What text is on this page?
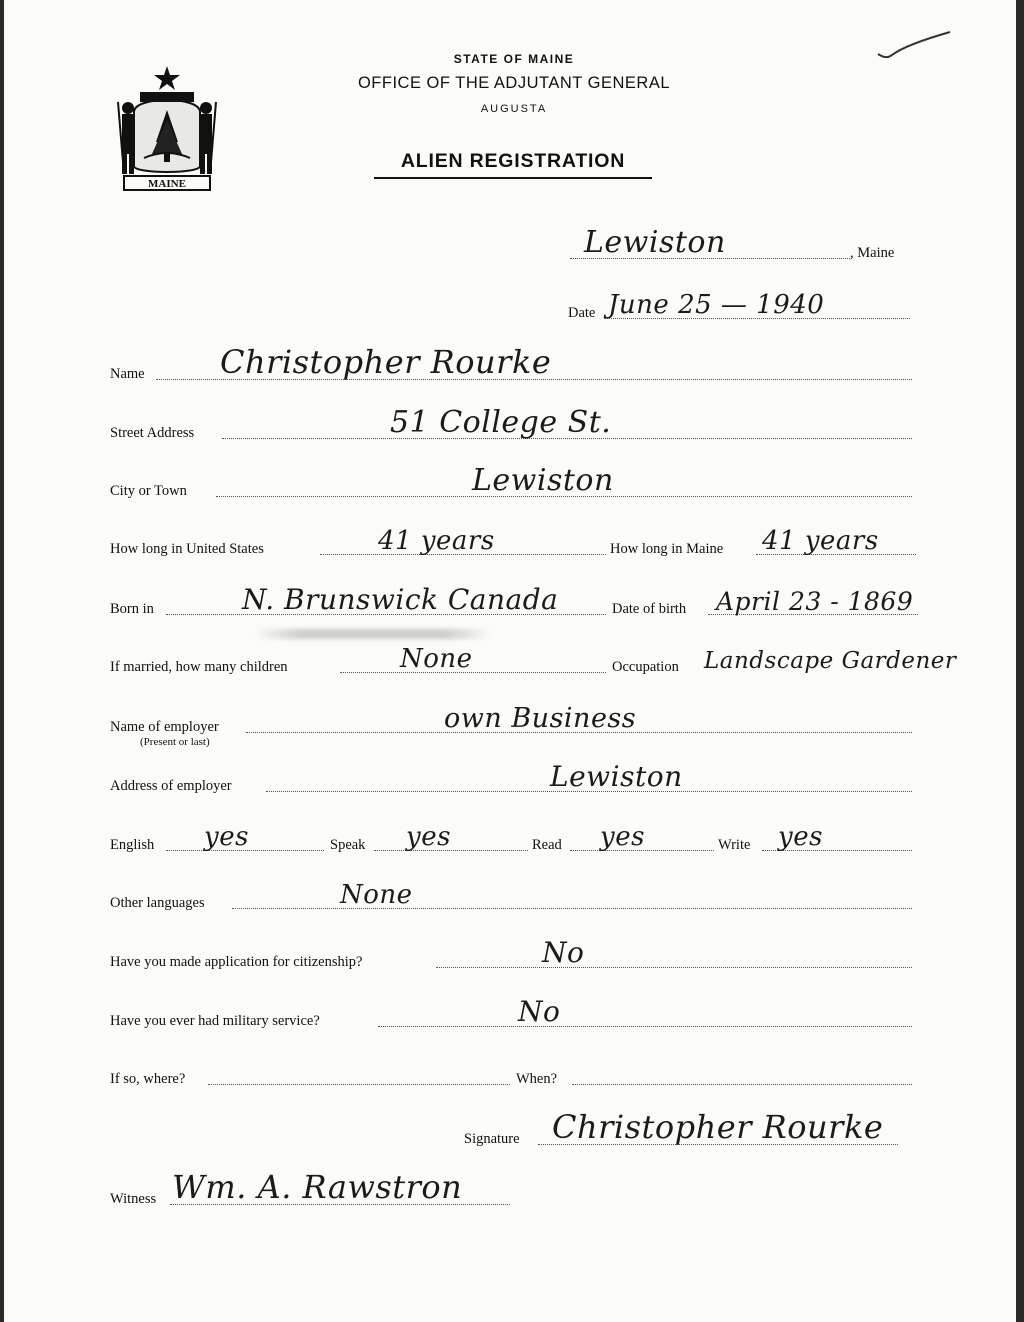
MAINE
STATE OF MAINE
OFFICE OF THE ADJUTANT GENERAL
AUGUSTA
ALIEN REGISTRATION
Lewiston	, Maine
Date June 25 — 1940
Name Christopher Rourke
Street Address	51 College St.
City or Town	Lewiston
How long in United States	41 years	How long in Maine 41 years
Born in	N. Brunswick Canada	Date of birth April 23 - 1869
If married, how many children	None	Occupation Landscape Gardener
Name of employer	own Business
(Present or last)
Address of employer	Lewiston
English yes	Speak yes	Read yes	Write yes
Other languages	None
Have you made application for citizenship?	No
Have you ever had military service?	No
If so, where?	When?
Signature Christopher Rourke
Witness Wm. A. Rawstron
